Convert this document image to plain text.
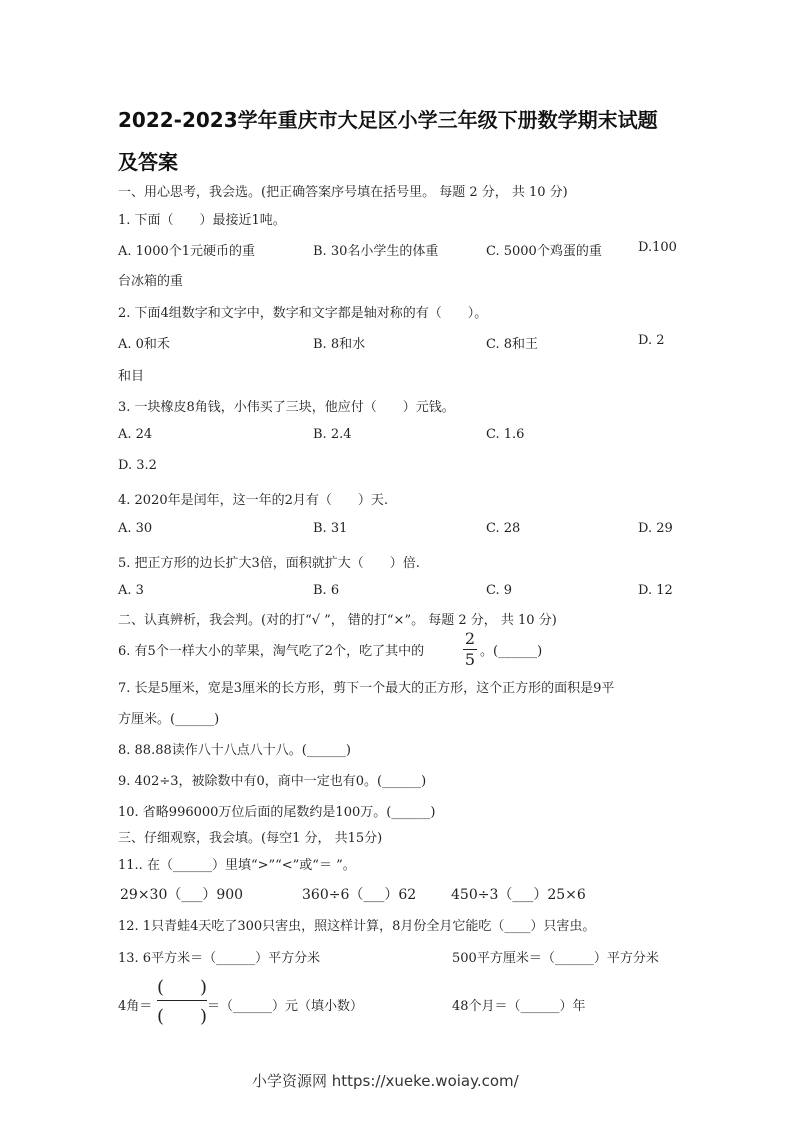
2022-2023学年重庆市大足区小学三年级下册数学期末试题
及答案
一、用心思考，我会选。(把正确答案序号填在括号里。 每题 2 分， 共 10 分)
1. 下面（　　）最接近1吨。
A. 1000个1元硬币的重	B. 30名小学生的体重	C. 5000个鸡蛋的重	D.100
台冰箱的重
2. 下面4组数字和文字中，数字和文字都是轴对称的有（　　）。
A. 0和禾	B. 8和水	C. 8和王	D. 2
和目
3. 一块橡皮8角钱，小伟买了三块，他应付（　　）元钱。
A. 24	B. 2.4	C. 1.6
D. 3.2
4. 2020年是闰年，这一年的2月有（　　）天.
A. 30	B. 31	C. 28	D. 29
5. 把正方形的边长扩大3倍，面积就扩大（　　）倍.
A. 3	B. 6	C. 9	D. 12
二、认真辨析，我会判。(对的打“√ ”， 错的打“×”。 每题 2 分， 共 10 分)
6. 有5个一样大小的苹果，淘气吃了2个，吃了其中的
2
5 。(______)
7. 长是5厘米，宽是3厘米的长方形，剪下一个最大的正方形，这个正方形的面积是9平
方厘米。(______)
8. 88.88读作八十八点八十八。(______)
9. 402÷3，被除数中有0，商中一定也有0。(______)
10. 省略996000万位后面的尾数约是100万。(______)
三、仔细观察，我会填。(每空1 分， 共15分)
11.. 在（______）里填“>”“<”或“＝ ”。
29×30（___）900	360÷6（___）62 450÷3（___）25×6
12. 1只青蛙4天吃了300只害虫，照这样计算，8月份全月它能吃（____）只害虫。
13. 6平方米＝（______）平方分米	500平方厘米＝（______）平方分米
4角＝
(　　)
(　　) ＝（______）元（填小数）	48个月＝（______）年
小学资源网 https://xueke.woiay.com/
